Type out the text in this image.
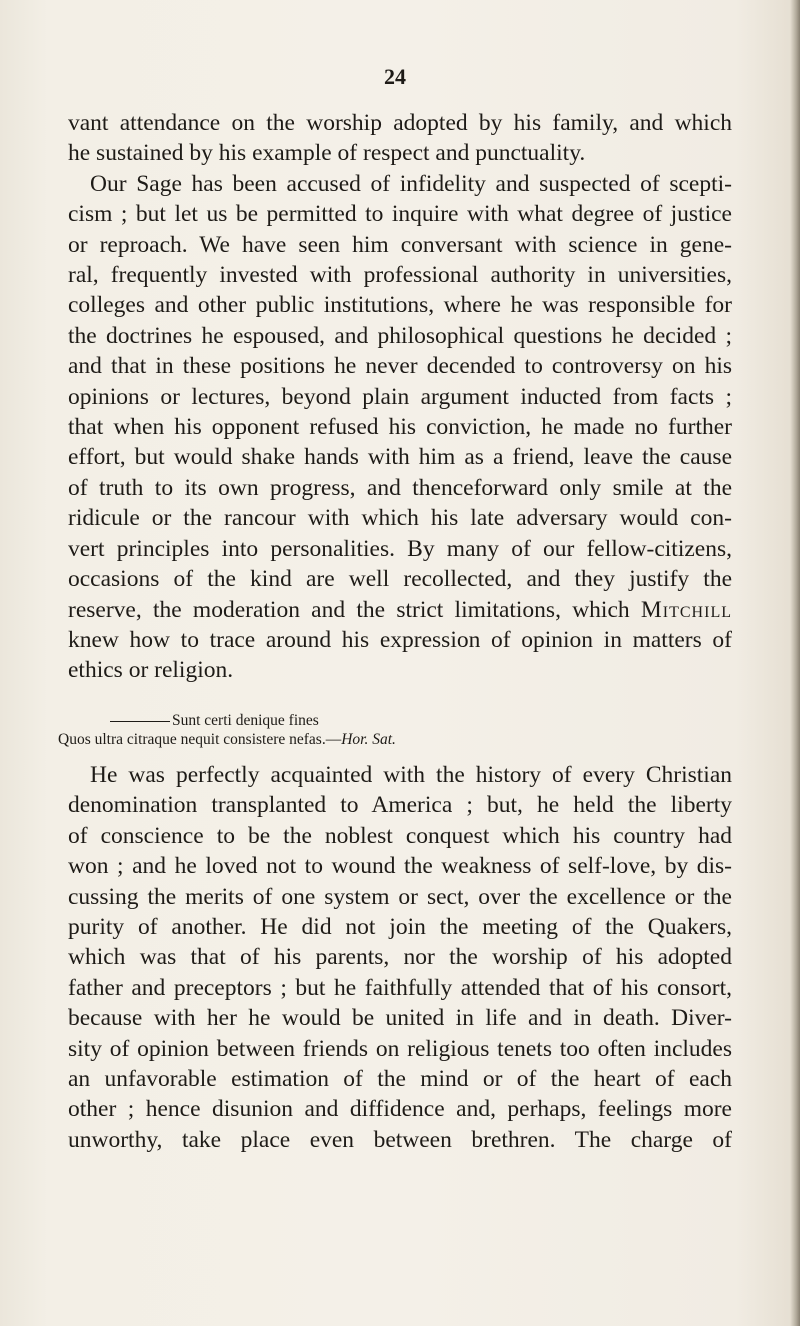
24
vant attendance on the worship adopted by his family, and which
he sustained by his example of respect and punctuality.
Our Sage has been accused of infidelity and suspected of scepti-
cism ; but let us be permitted to inquire with what degree of justice
or reproach. We have seen him conversant with science in gene-
ral, frequently invested with professional authority in universities,
colleges and other public institutions, where he was responsible for
the doctrines he espoused, and philosophical questions he decided ;
and that in these positions he never decended to controversy on his
opinions or lectures, beyond plain argument inducted from facts ;
that when his opponent refused his conviction, he made no further
effort, but would shake hands with him as a friend, leave the cause
of truth to its own progress, and thenceforward only smile at the
ridicule or the rancour with which his late adversary would con-
vert principles into personalities. By many of our fellow-citizens,
occasions of the kind are well recollected, and they justify the
reserve, the moderation and the strict limitations, which Mitchill
knew how to trace around his expression of opinion in matters of
ethics or religion.
Sunt certi denique fines
Quos ultra citraque nequit consistere nefas.—Hor. Sat.
He was perfectly acquainted with the history of every Christian
denomination transplanted to America ; but, he held the liberty
of conscience to be the noblest conquest which his country had
won ; and he loved not to wound the weakness of self-love, by dis-
cussing the merits of one system or sect, over the excellence or the
purity of another. He did not join the meeting of the Quakers,
which was that of his parents, nor the worship of his adopted
father and preceptors ; but he faithfully attended that of his consort,
because with her he would be united in life and in death. Diver-
sity of opinion between friends on religious tenets too often includes
an unfavorable estimation of the mind or of the heart of each
other ; hence disunion and diffidence and, perhaps, feelings more
unworthy, take place even between brethren. The charge of
